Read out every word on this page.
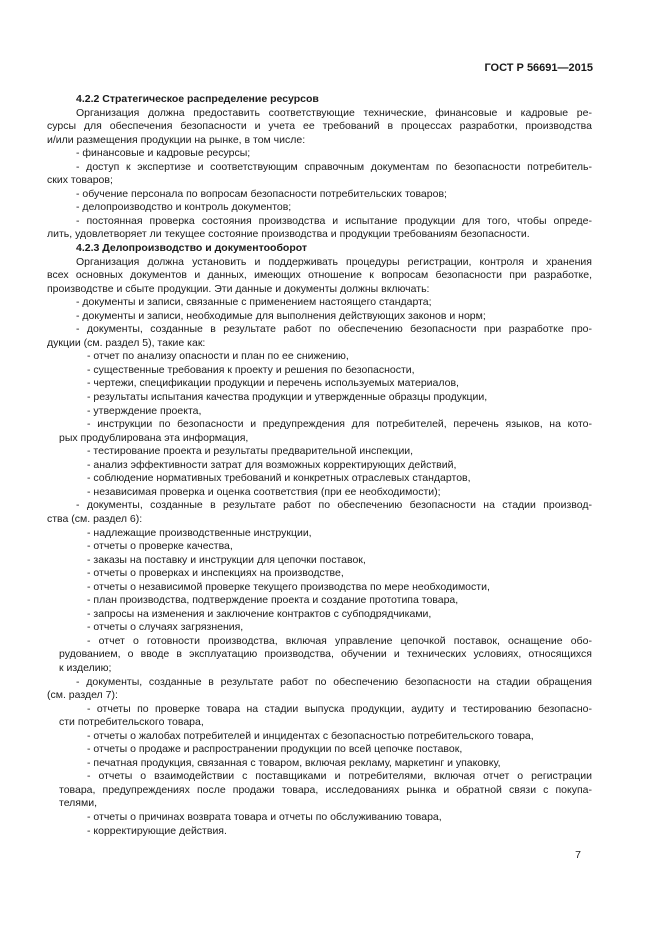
ГОСТ Р 56691—2015
4.2.2 Стратегическое распределение ресурсов
Организация должна предоставить соответствующие технические, финансовые и кадровые ре-
сурсы для обеспечения безопасности и учета ее требований в процессах разработки, производства
и/или размещения продукции на рынке, в том числе:
- финансовые и кадровые ресурсы;
- доступ к экспертизе и соответствующим справочным документам по безопасности потребитель-
ских товаров;
- обучение персонала по вопросам безопасности потребительских товаров;
- делопроизводство и контроль документов;
- постоянная проверка состояния производства и испытание продукции для того, чтобы опреде-
лить, удовлетворяет ли текущее состояние производства и продукции требованиям безопасности.
4.2.3 Делопроизводство и документооборот
Организация должна установить и поддерживать процедуры регистрации, контроля и хранения
всех основных документов и данных, имеющих отношение к вопросам безопасности при разработке,
производстве и сбыте продукции. Эти данные и документы должны включать:
- документы и записи, связанные с применением настоящего стандарта;
- документы и записи, необходимые для выполнения действующих законов и норм;
- документы, созданные в результате работ по обеспечению безопасности при разработке про-
дукции (см. раздел 5), такие как:
- отчет по анализу опасности и план по ее снижению,
- существенные требования к проекту и решения по безопасности,
- чертежи, спецификации продукции и перечень используемых материалов,
- результаты испытания качества продукции и утвержденные образцы продукции,
- утверждение проекта,
- инструкции по безопасности и предупреждения для потребителей, перечень языков, на кото-
рых продублирована эта информация,
- тестирование проекта и результаты предварительной инспекции,
- анализ эффективности затрат для возможных корректирующих действий,
- соблюдение нормативных требований и конкретных отраслевых стандартов,
- независимая проверка и оценка соответствия (при ее необходимости);
- документы, созданные в результате работ по обеспечению безопасности на стадии производ-
ства (см. раздел 6):
- надлежащие производственные инструкции,
- отчеты о проверке качества,
- заказы на поставку и инструкции для цепочки поставок,
- отчеты о проверках и инспекциях на производстве,
- отчеты о независимой проверке текущего производства по мере необходимости,
- план производства, подтверждение проекта и создание прототипа товара,
- запросы на изменения и заключение контрактов с субподрядчиками,
- отчеты о случаях загрязнения,
- отчет о готовности производства, включая управление цепочкой поставок, оснащение обо-
рудованием, о вводе в эксплуатацию производства, обучении и технических условиях, относящихся
к изделию;
- документы, созданные в результате работ по обеспечению безопасности на стадии обращения
(см. раздел 7):
- отчеты по проверке товара на стадии выпуска продукции, аудиту и тестированию безопасно-
сти потребительского товара,
- отчеты о жалобах потребителей и инцидентах с безопасностью потребительского товара,
- отчеты о продаже и распространении продукции по всей цепочке поставок,
- печатная продукция, связанная с товаром, включая рекламу, маркетинг и упаковку,
- отчеты о взаимодействии с поставщиками и потребителями, включая отчет о регистрации
товара, предупреждениях после продажи товара, исследованиях рынка и обратной связи с покупа-
телями,
- отчеты о причинах возврата товара и отчеты по обслуживанию товара,
- корректирующие действия.
7
